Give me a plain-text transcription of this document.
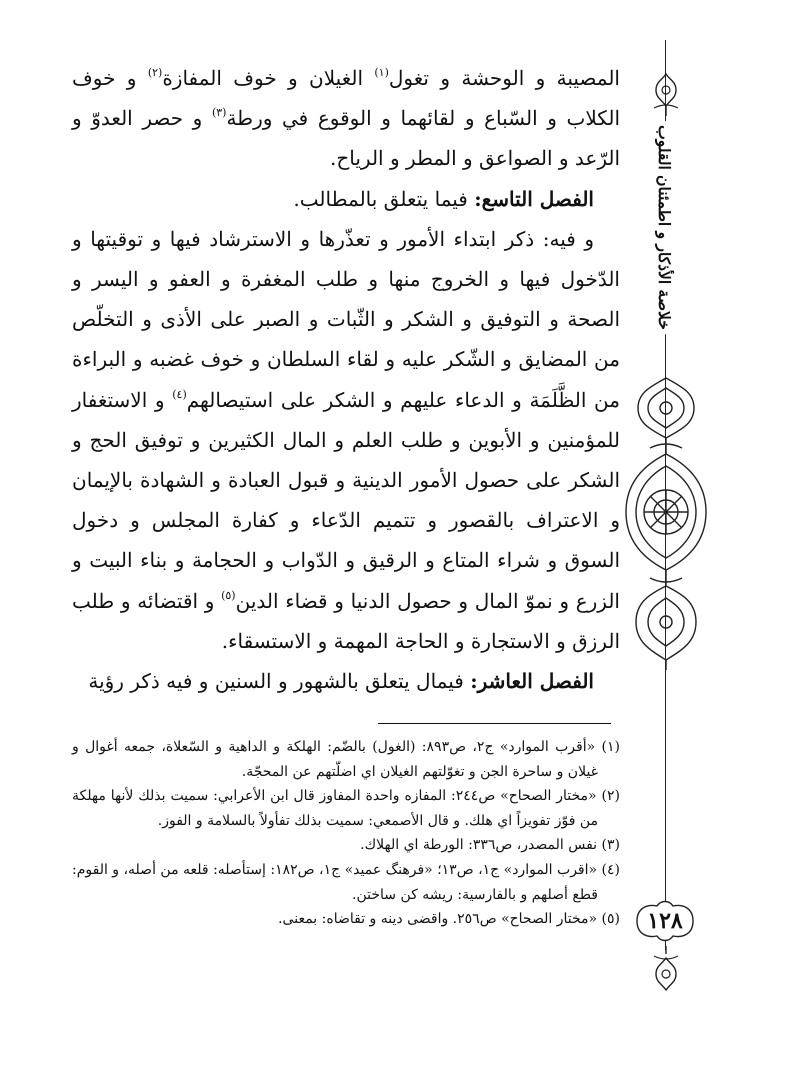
المصيبة و الوحشة و تغول$^{(١)}$ الغيلان و خوف المفازة$^{(٢)}$ و خوف الكلاب و السّباع و لقائهما و الوقوع في ورطة$^{(٣)}$ و حصر العدوّ و الرّعد و الصواعق و المطر و الرياح.

الفصل التاسع: فيما يتعلق بالمطالب.

و فيه: ذكر ابتداء الأمور و تعذّرها و الاسترشاد فيها و توقيتها و الدّخول فيها و الخروج منها و طلب المغفرة و العفو و اليسر و الصحة و التوفيق و الشكر و الثّبات و الصبر على الأذى و التخلّص من المضايق و الشّكر عليه و لقاء السلطان و خوف غضبه و البراءة من الظَّلَمَة و الدعاء عليهم و الشكر على استيصالهم$^{(٤)}$ و الاستغفار للمؤمنين و الأبوين و طلب العلم و المال الكثيرين و توفيق الحج و الشكر على حصول الأمور الدينية و قبول العبادة و الشهادة بالإيمان و الاعتراف بالقصور و تتميم الدّعاء و كفارة المجلس و دخول السوق و شراء المتاع و الرقيق و الدّواب و الحجامة و بناء البيت و الزرع و نموّ المال و حصول الدنيا و قضاء الدين$^{(٥)}$ و اقتضائه و طلب الرزق و الاستجارة و الحاجة المهمة و الاستسقاء.

الفصل العاشر: فيمال يتعلق بالشهور و السنين و فيه ذكر رؤية

(١) «أقرب الموارد» ج٢، ص٨٩٣: (الغول) بالضّم: الهلكة و الداهية و السّعلاة، جمعه أغوال و غيلان و ساحرة الجن و تغوّلتهم الغيلان اي اضلّتهم عن المحجّة.

(٢) «مختار الصحاح» ص٢٤٤: المفازه واحدة المفاوز قال ابن الأعرابي: سميت بذلك لأنها مهلكة من فوّز تفويزاً اي هلك. و قال الأصمعي: سميت بذلك تفأولاً بالسلامة و الفوز.

(٣) نفس المصدر، ص٣٣٦: الورطة اي الهلاك.

(٤) «اقرب الموارد» ج١، ص١٣؛ «فرهنگ عميد» ج١، ص١٨٢: إستأصله: قلعه من أصله، و القوم: قطع أصلهم و بالفارسية: ريشه كن ساختن.

(٥) «مختار الصحاح» ص٢٥٦. واقضى دينه و تقاضاه: بمعنى.

خلاصة الأذكار و اطمئنان القلوب
١٢٨
